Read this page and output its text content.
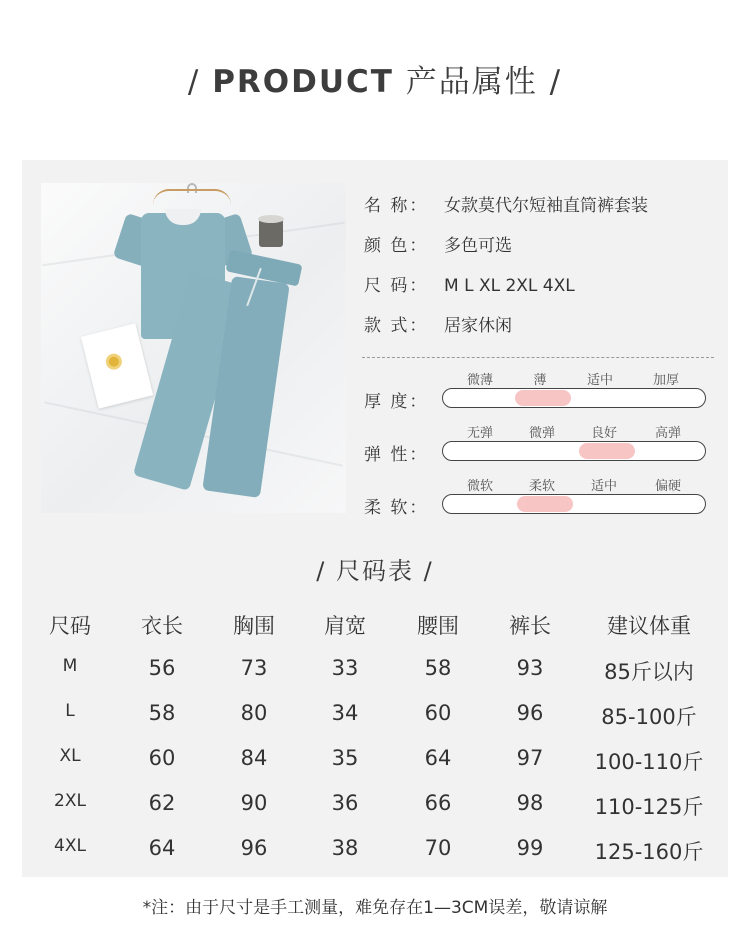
/ PRODUCT 产品属性 /
名 称： 女款莫代尔短袖直筒裤套装
颜 色： 多色可选
尺 码： M L XL 2XL 4XL
款 式： 居家休闲
厚 度：
微薄	薄	适中	加厚
弹 性：
无弹	微弹	良好	高弹
柔 软：
微软	柔软	适中	偏硬
/ 尺码表 /
尺码 衣长 胸围 肩宽 腰围 裤长	建议体重
M	56	73	33	58	93	85斤以内
L	58	80	34	60	96	85-100斤
XL	60	84	35	64	97 100-110斤
2XL	62	90	36	66	98 110-125斤
4XL	64	96	38	70	99 125-160斤
*注：由于尺寸是手工测量，难免存在1—3CM误差，敬请谅解
